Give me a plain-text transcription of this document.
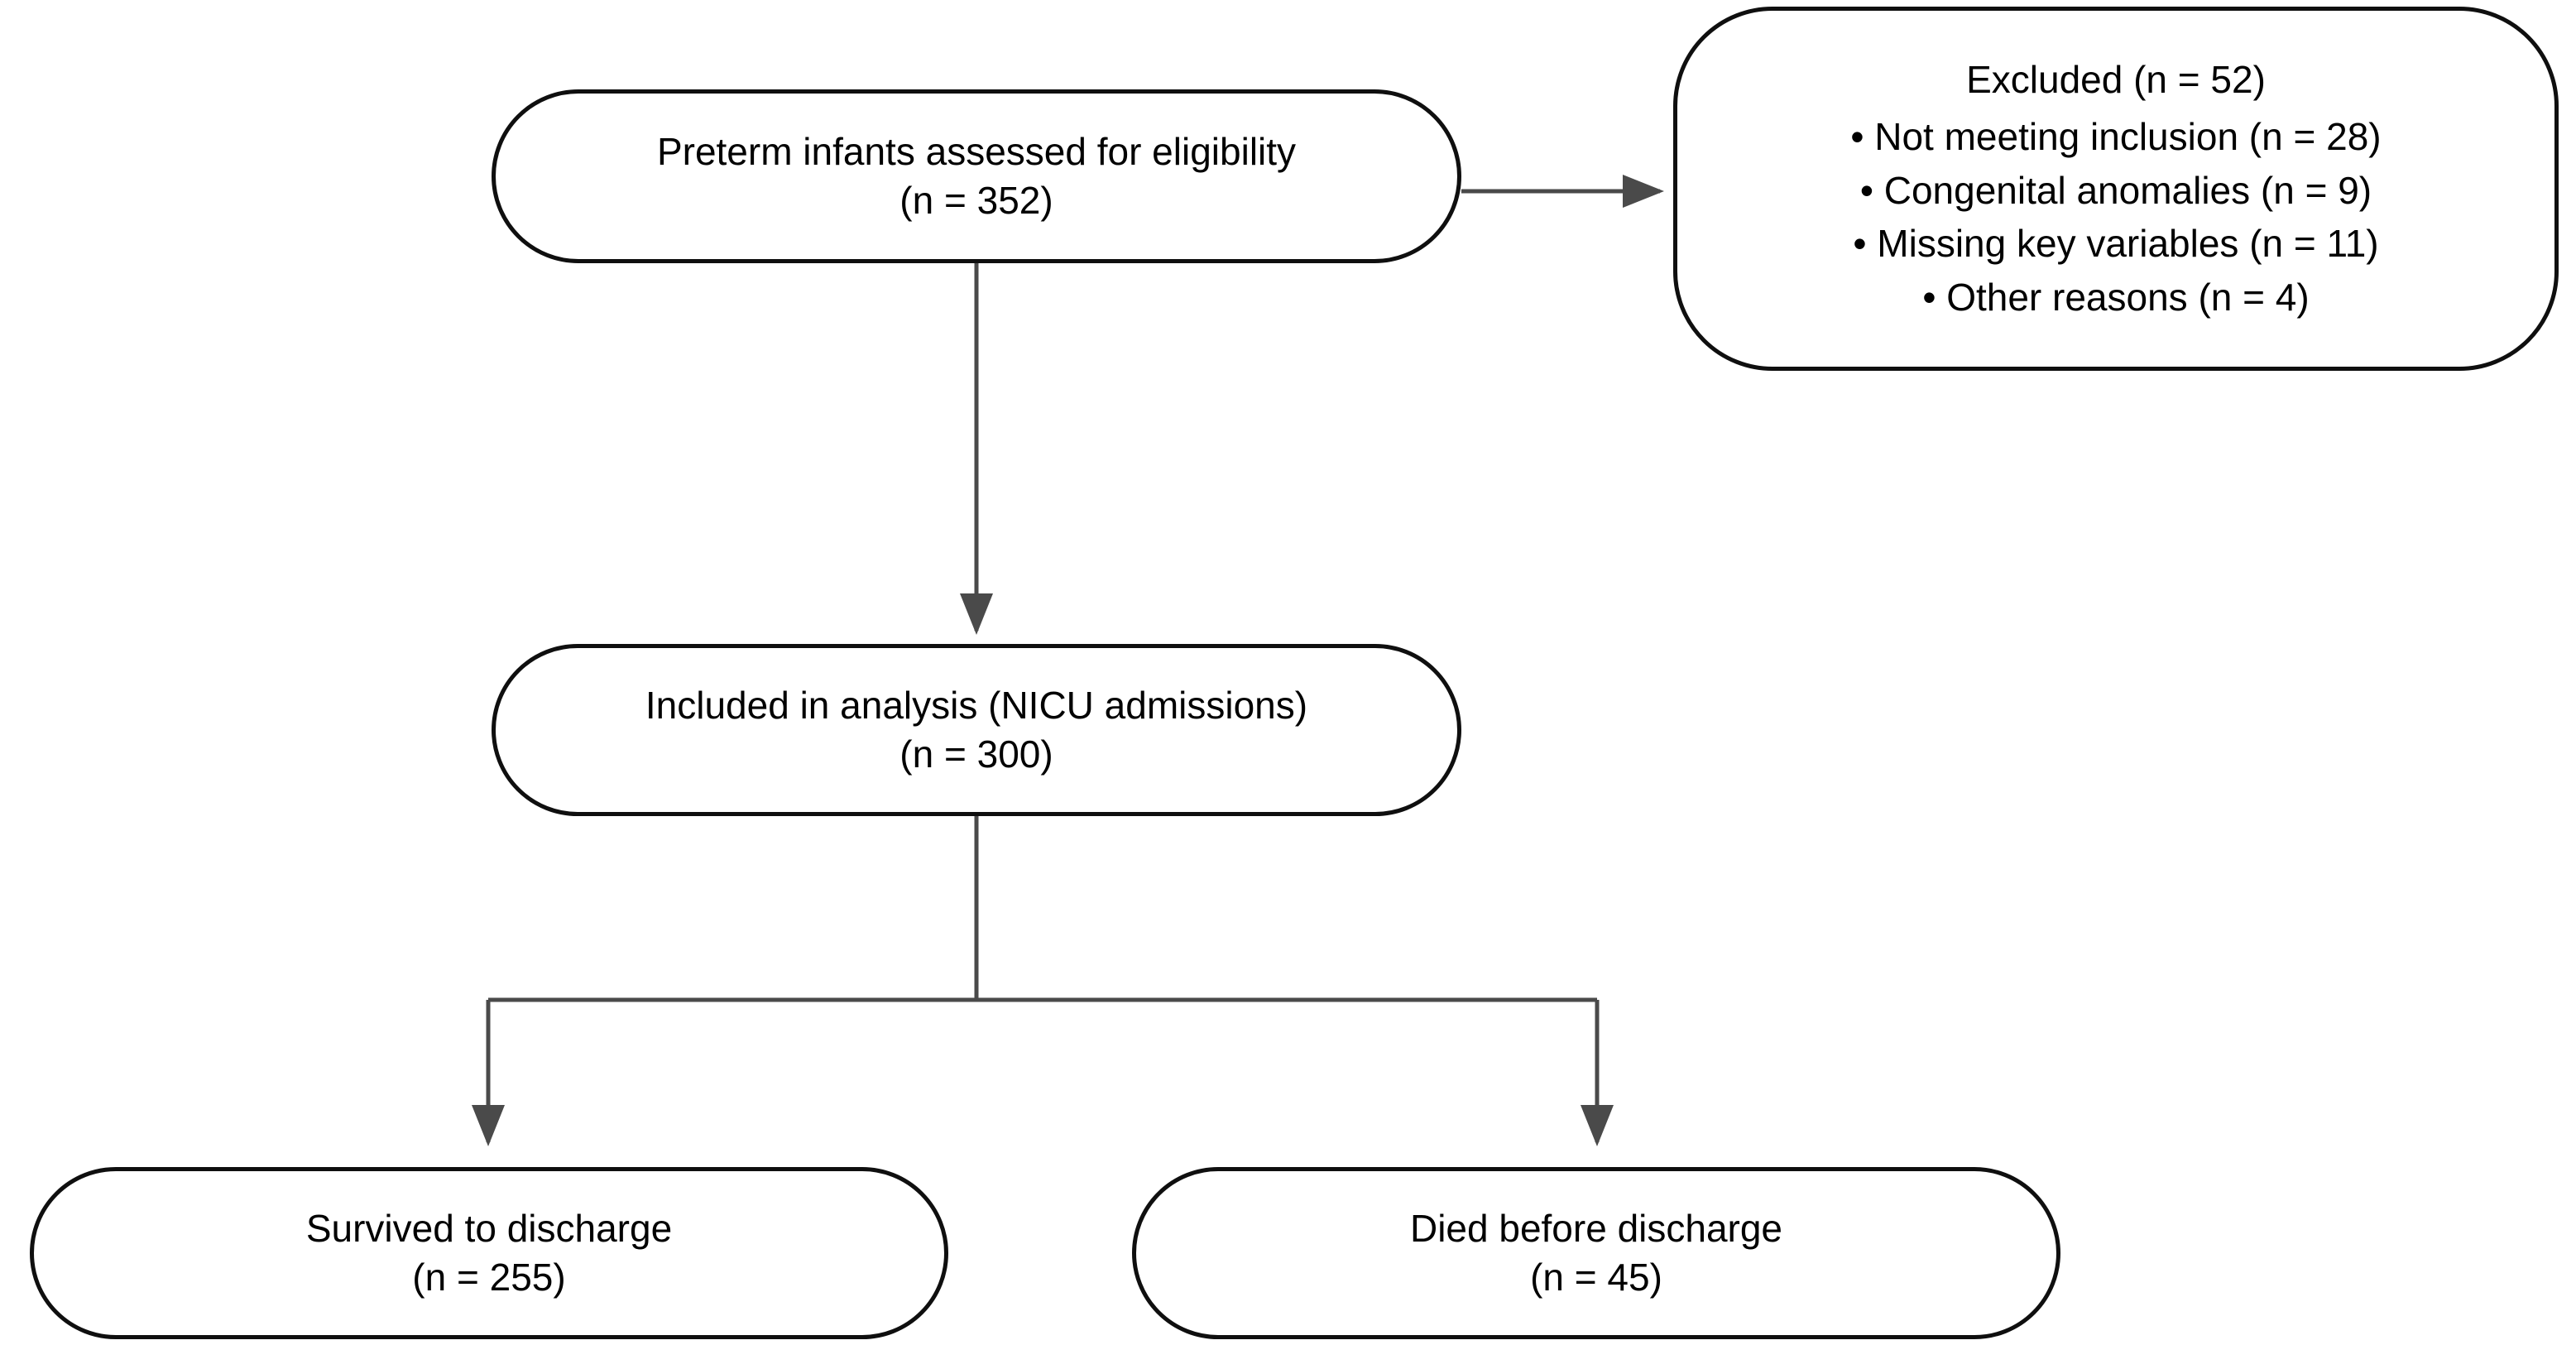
Preterm infants assessed for eligibility
(n = 352)
Excluded (n = 52)
• Not meeting inclusion (n = 28)
• Congenital anomalies (n = 9)
• Missing key variables (n = 11)
• Other reasons (n = 4)
Included in analysis (NICU admissions)
(n = 300)
Survived to discharge
(n = 255)
Died before discharge
(n = 45)
